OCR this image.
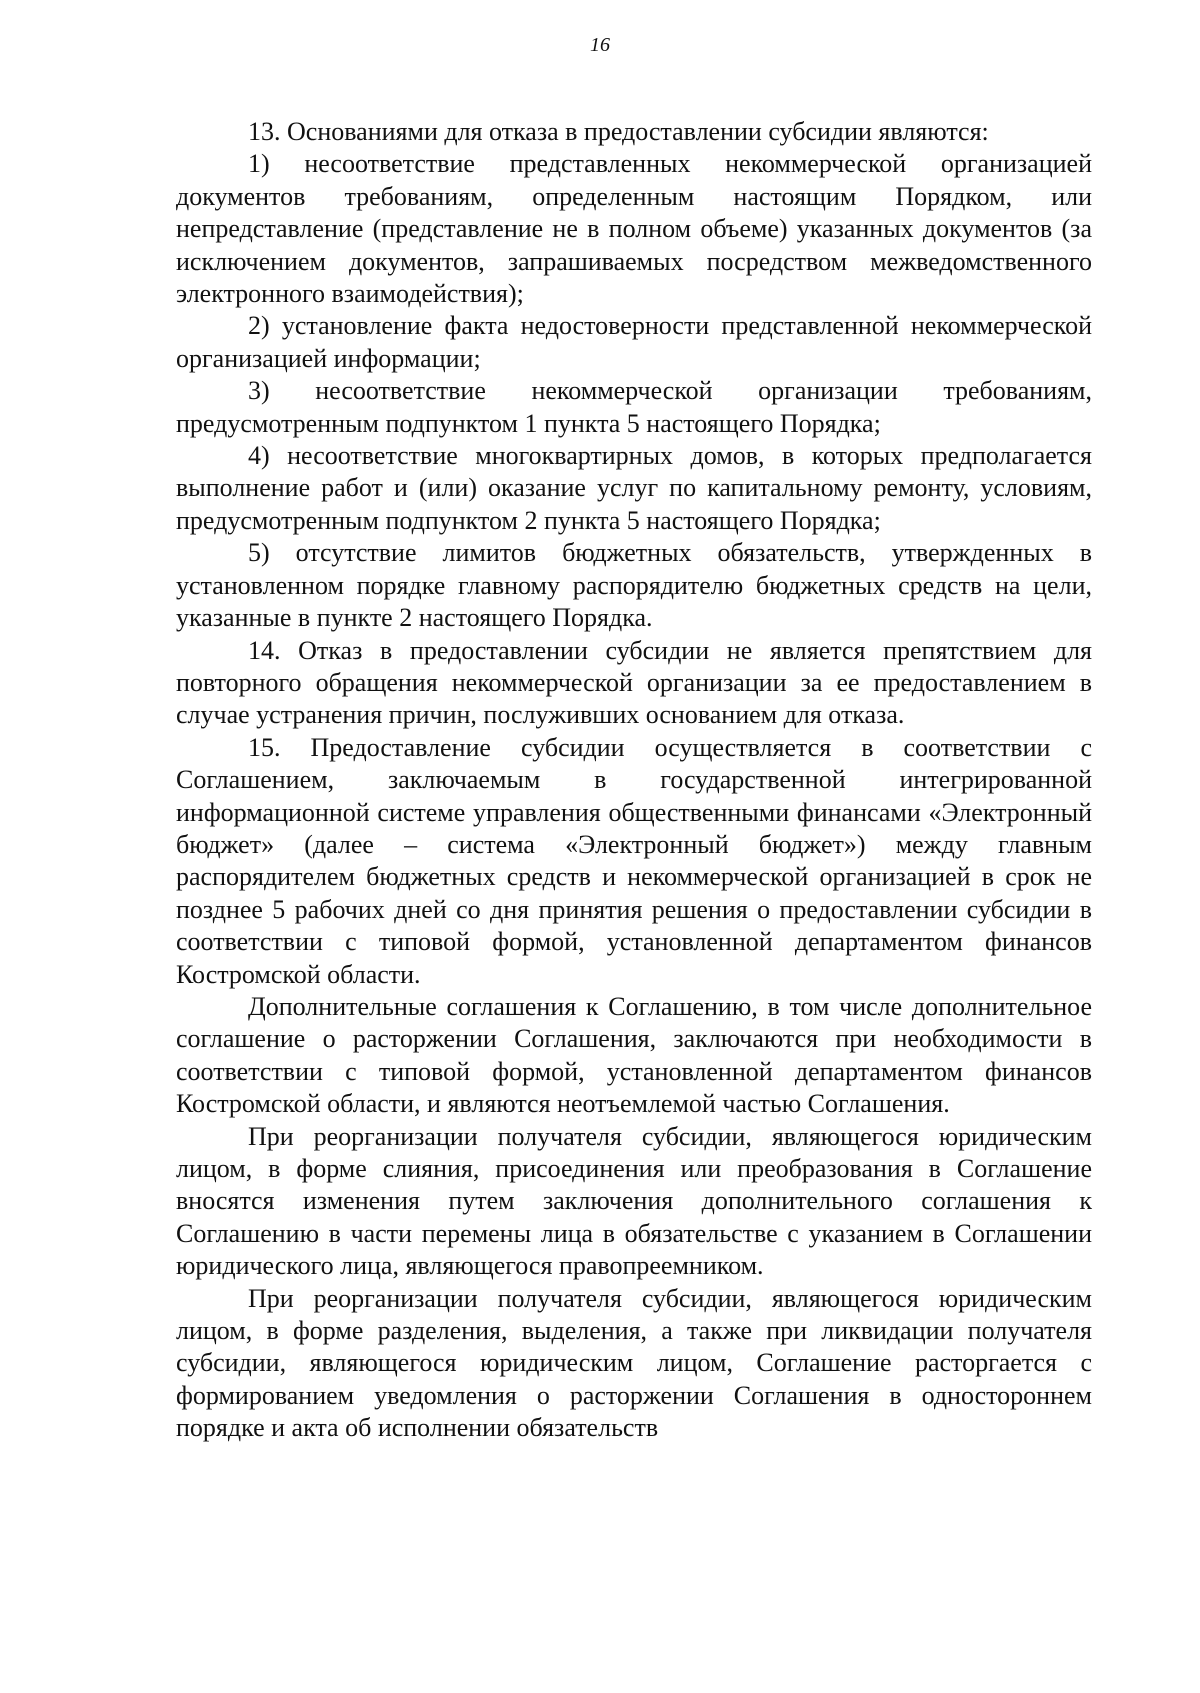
16

13. Основаниями для отказа в предоставлении субсидии являются:

1) несоответствие представленных некоммерческой организацией документов требованиям, определенным настоящим Порядком, или непредставление (представление не в полном объеме) указанных документов (за исключением документов, запрашиваемых посредством межведомственного электронного взаимодействия);

2) установление факта недостоверности представленной некоммерческой организацией информации;

3) несоответствие некоммерческой организации требованиям, предусмотренным подпунктом 1 пункта 5 настоящего Порядка;

4) несоответствие многоквартирных домов, в которых предполагается выполнение работ и (или) оказание услуг по капитальному ремонту, условиям, предусмотренным подпунктом 2 пункта 5 настоящего Порядка;

5) отсутствие лимитов бюджетных обязательств, утвержденных в установленном порядке главному распорядителю бюджетных средств на цели, указанные в пункте 2 настоящего Порядка.

14. Отказ в предоставлении субсидии не является препятствием для повторного обращения некоммерческой организации за ее предоставлением в случае устранения причин, послуживших основанием для отказа.

15. Предоставление субсидии осуществляется в соответствии с Соглашением, заключаемым в государственной интегрированной информационной системе управления общественными финансами «Электронный бюджет» (далее – система «Электронный бюджет») между главным распорядителем бюджетных средств и некоммерческой организацией в срок не позднее 5 рабочих дней со дня принятия решения о предоставлении субсидии в соответствии с типовой формой, установленной департаментом финансов Костромской области.

Дополнительные соглашения к Соглашению, в том числе дополнительное соглашение о расторжении Соглашения, заключаются при необходимости в соответствии с типовой формой, установленной департаментом финансов Костромской области, и являются неотъемлемой частью Соглашения.

При реорганизации получателя субсидии, являющегося юридическим лицом, в форме слияния, присоединения или преобразования в Соглашение вносятся изменения путем заключения дополнительного соглашения к Соглашению в части перемены лица в обязательстве с указанием в Соглашении юридического лица, являющегося правопреемником.

При реорганизации получателя субсидии, являющегося юридическим лицом, в форме разделения, выделения, а также при ликвидации получателя субсидии, являющегося юридическим лицом, Соглашение расторгается с формированием уведомления о расторжении Соглашения в одностороннем порядке и акта об исполнении обязательств
